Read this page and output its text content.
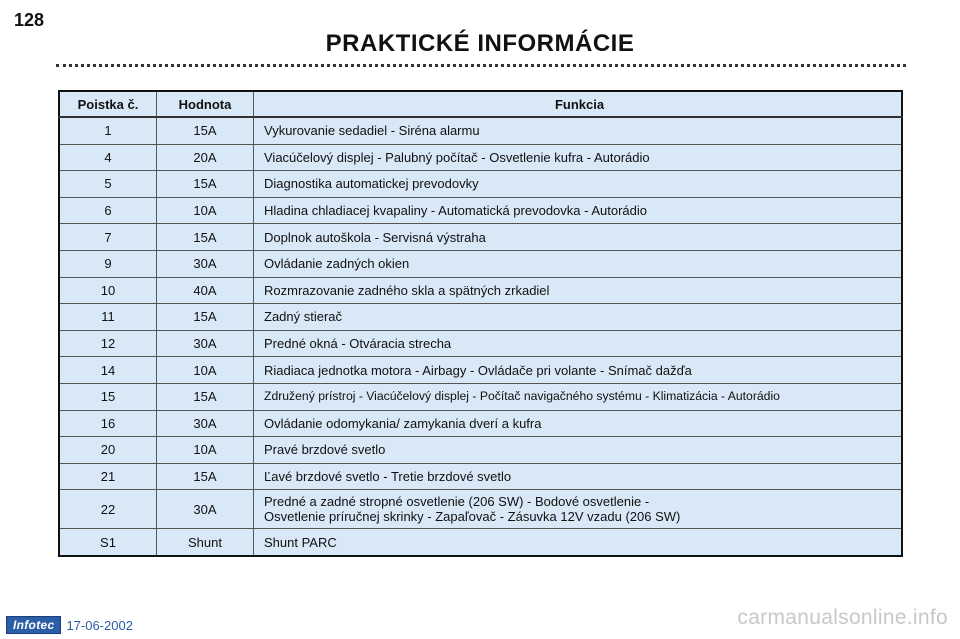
128
PRAKTICKÉ INFORMÁCIE
Poistka č.	Hodnota	Funkcia
1	15A	Vykurovanie sedadiel - Siréna alarmu

4	20A	Viacúčelový displej - Palubný počítač - Osvetlenie kufra - Autorádio

5	15A	Diagnostika automatickej prevodovky

6	10A	Hladina chladiacej kvapaliny - Automatická prevodovka - Autorádio

7	15A	Doplnok autoškola - Servisná výstraha

9	30A	Ovládanie zadných okien

10	40A	Rozmrazovanie zadného skla a spätných zrkadiel

11	15A	Zadný stierač

12	30A	Predné okná - Otváracia strecha

14	10A	Riadiaca jednotka motora - Airbagy - Ovládače pri volante - Snímač dažďa

15	15A	Združený prístroj - Viacúčelový displej - Počítač navigačného systému - Klimatizácia - Autorádio

16	30A	Ovládanie odomykania/ zamykania dverí a kufra

20	10A	Pravé brzdové svetlo

21	15A	Ľavé brzdové svetlo - Tretie brzdové svetlo

22	30A	Predné a zadné stropné osvetlenie (206 SW) - Bodové osvetlenie -
Osvetlenie príručnej skrinky - Zapaľovač - Zásuvka 12V vzadu (206 SW)

S1	Shunt	Shunt PARC
Infotec 17-06-2002	carmanualsonline.info
